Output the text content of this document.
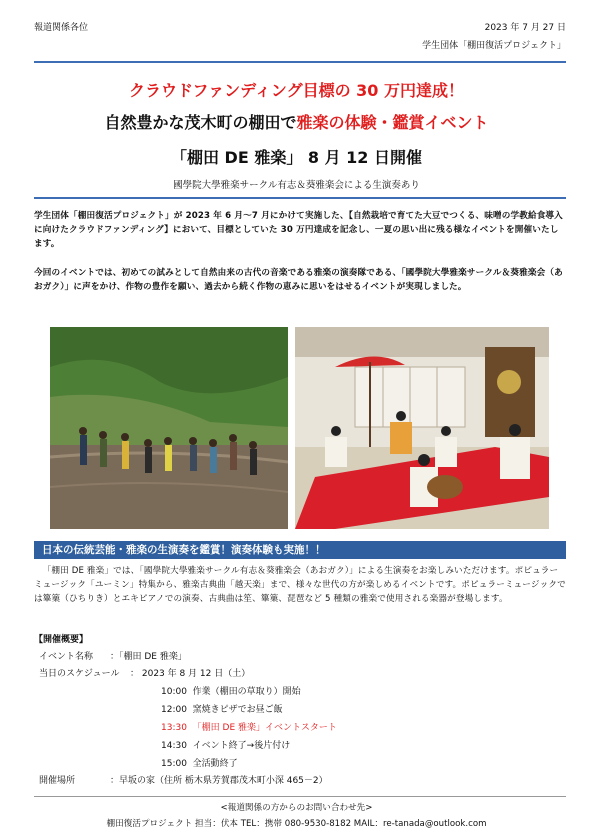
報道関係各位	2023 年 7 月 27 日
学生団体「棚田復活プロジェクト」
クラウドファンディング目標の 30 万円達成！
自然豊かな茂木町の棚田で雅楽の体験・鑑賞イベント
「棚田 DE 雅楽」 8 月 12 日開催
國學院大學雅楽サークル有志＆葵雅楽会による生演奏あり
学生団体「棚田復活プロジェクト」が 2023 年 6 月～7 月にかけて実施した、【自然栽培で育てた大豆でつくる、味噌の学教給食導入に向けたクラウドファンディング】において、目標としていた 30 万円達成を記念し、一夏の思い出に残る様なイベントを開催いたします。
今回のイベントでは、初めての試みとして自然由来の古代の音楽である雅楽の演奏隊である、「國學院大學雅楽サークル＆葵雅楽会（あおガク）」に声をかけ、作物の豊作を願い、過去から続く作物の恵みに思いをはせるイベントが実現しました。
日本の伝統芸能・雅楽の生演奏を鑑賞！演奏体験も実施！！
「棚田 DE 雅楽」では、「國學院大學雅楽サークル有志＆葵雅楽会（あおガク）」による生演奏をお楽しみいただけます。ポピュラーミュージック「ユーミン」特集から、雅楽古典曲「越天楽」まで、様々な世代の方が楽しめるイベントです。ポピュラーミュージックでは篳篥（ひちりき）とエキピアノでの演奏、古典曲は笙、篳篥、琵琶など 5 種類の雅楽で使用される楽器が登場します。
【開催概要】
イベント名称 ：「棚田 DE 雅楽」
当日のスケジュール ： 2023 年 8 月 12 日（土）
10:00 作業（棚田の草取り）開始
12:00 窯焼きピザでお昼ご飯
13:30 「棚田 DE 雅楽」イベントスタート
14:30 イベント終了→後片付け
15:00 全活動終了
開催場所	：早坂の家（住所 栃木県芳賀郡茂木町小深 465－2）
<報道関係の方からのお問い合わせ先>
棚田復活プロジェクト 担当：伏本 TEL：携帯 080-9530-8182 MAIL：re-tanada@outlook.com
